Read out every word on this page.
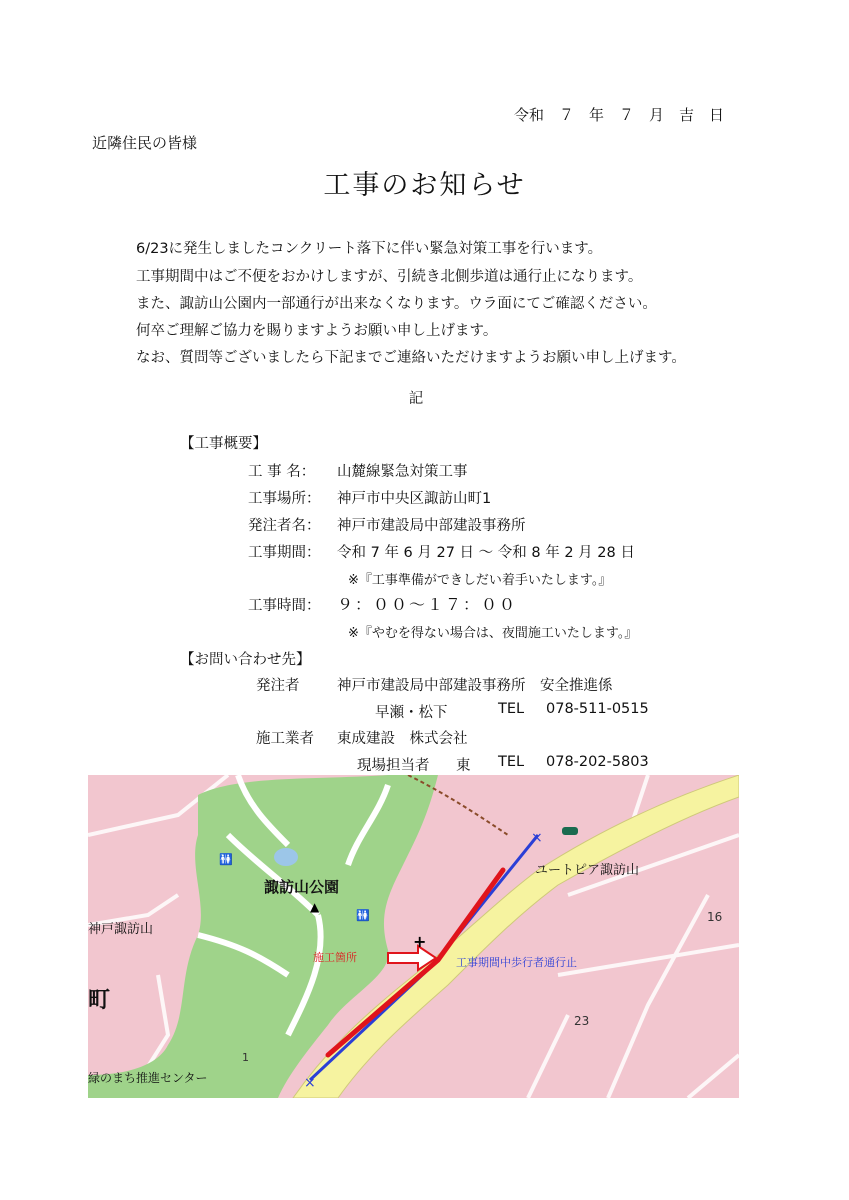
令和　７　年　７　月　吉　日
近隣住民の皆様
工事のお知らせ
6/23に発生しましたコンクリート落下に伴い緊急対策工事を行います。
工事期間中はご不便をおかけしますが、引続き北側歩道は通行止になります。
また、諏訪山公園内一部通行が出来なくなります。ウラ面にてご確認ください。
何卒ご理解ご協力を賜りますようお願い申し上げます。
なお、質問等ございましたら下記までご連絡いただけますようお願い申し上げます。
記
【工事概要】
工 事 名： 山麓線緊急対策工事
工事場所： 神戸市中央区諏訪山町1
発注者名： 神戸市建設局中部建設事務所
工事期間： 令和 7 年 6 月 27 日 〜 令和 8 年 2 月 28 日
※『工事準備ができしだい着手いたします。』
工事時間： ９：００〜１７：００
※『やむを得ない場合は、夜間施工いたします。』
【お問い合わせ先】
発注者	神戸市建設局中部建設事務所　安全推進係
早瀬・松下	TEL 078-511-0515
施工業者 東成建設　株式会社
現場担当者 東 TEL 078-202-5803
×
×
+
🚻
🚻
▲
諏訪山公園
ユートピア諏訪山
神戸諏訪山
町
緑のまち推進センター
施工箇所	工事期間中歩行者通行止
16
23
1
